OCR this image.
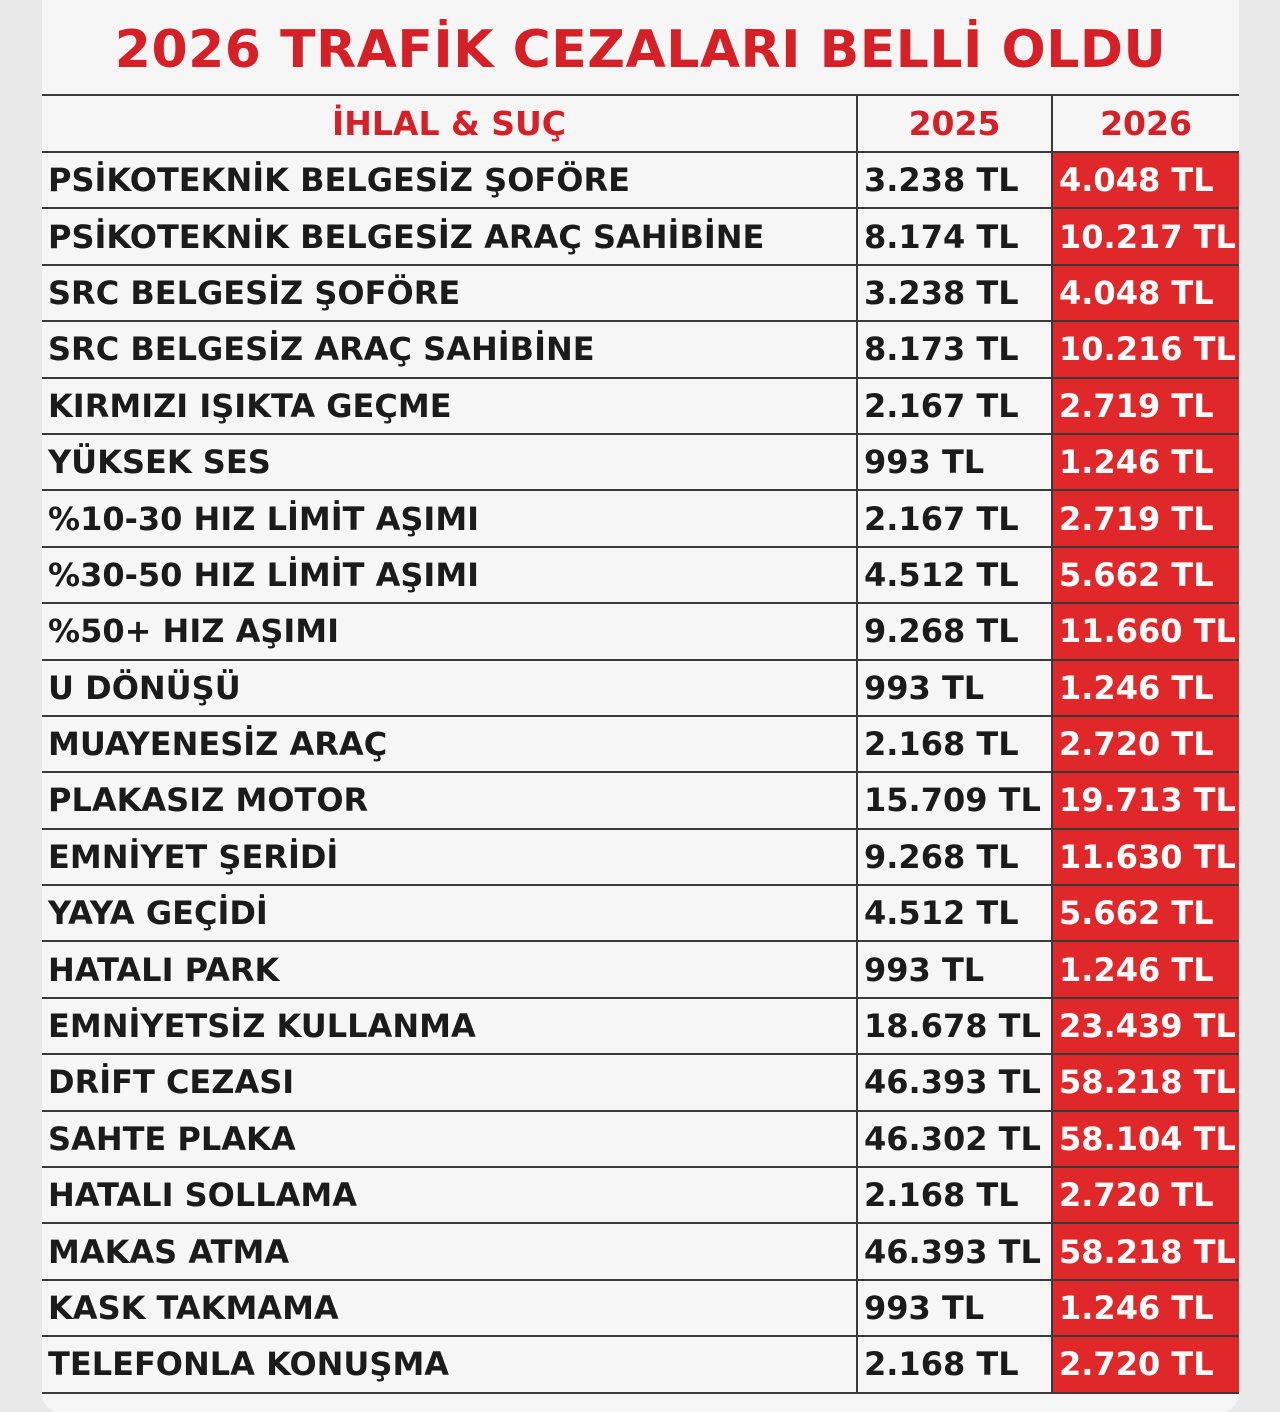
2026 TRAFİK CEZALARI BELLİ OLDU
İHLAL & SUÇ	2025	2026
PSİKOTEKNİK BELGESİZ ŞOFÖRE	3.238 TL	4.048 TL
PSİKOTEKNİK BELGESİZ ARAÇ SAHİBİNE	8.174 TL	10.217 TL
SRC BELGESİZ ŞOFÖRE	3.238 TL	4.048 TL
SRC BELGESİZ ARAÇ SAHİBİNE	8.173 TL	10.216 TL
KIRMIZI IŞIKTA GEÇME	2.167 TL	2.719 TL
YÜKSEK SES	993 TL	1.246 TL
%10-30 HIZ LİMİT AŞIMI	2.167 TL	2.719 TL
%30-50 HIZ LİMİT AŞIMI	4.512 TL	5.662 TL
%50+ HIZ AŞIMI	9.268 TL	11.660 TL
U DÖNÜŞÜ	993 TL	1.246 TL
MUAYENESİZ ARAÇ	2.168 TL	2.720 TL
PLAKASIZ MOTOR	15.709 TL	19.713 TL
EMNİYET ŞERİDİ	9.268 TL	11.630 TL
YAYA GEÇİDİ	4.512 TL	5.662 TL
HATALI PARK	993 TL	1.246 TL
EMNİYETSİZ KULLANMA	18.678 TL	23.439 TL
DRİFT CEZASI	46.393 TL	58.218 TL
SAHTE PLAKA	46.302 TL	58.104 TL
HATALI SOLLAMA	2.168 TL	2.720 TL
MAKAS ATMA	46.393 TL	58.218 TL
KASK TAKMAMA	993 TL	1.246 TL
TELEFONLA KONUŞMA	2.168 TL	2.720 TL
